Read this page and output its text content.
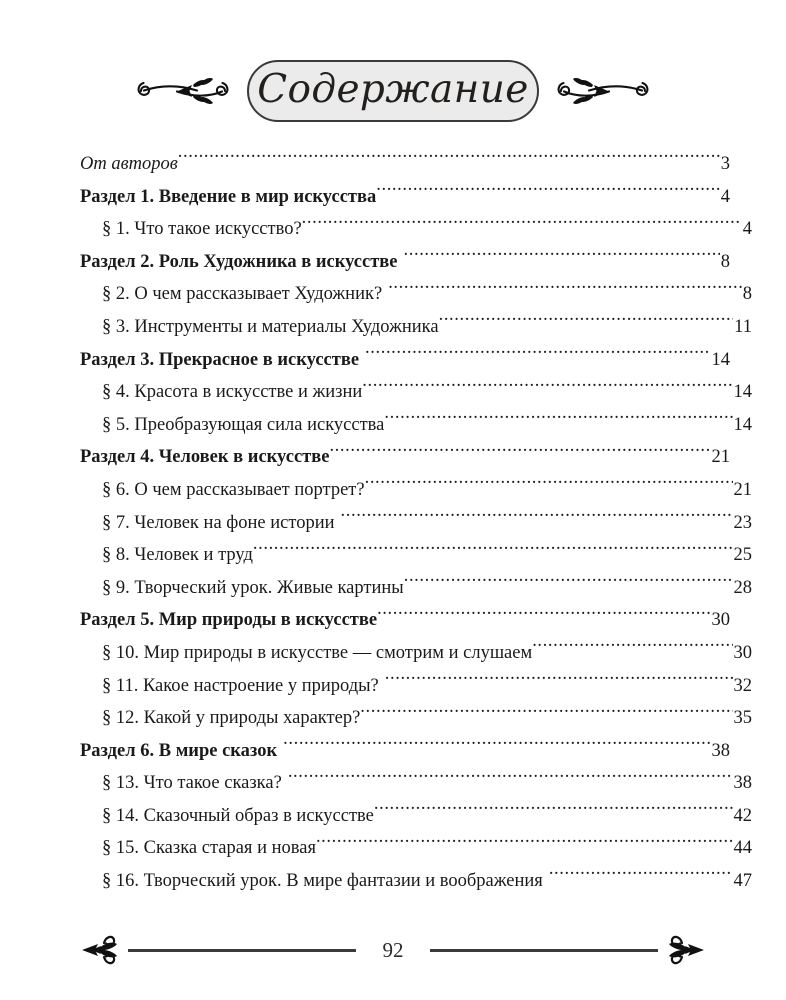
Содержание
От авторов .....	3
Раздел 1. Введение в мир искусства .....	4
§ 1. Что такое искусство? .....	4
Раздел 2. Роль Художника в искусстве .....	8
§ 2. О чем рассказывает Художник? .....	8
§ 3. Инструменты и материалы Художника .....	11
Раздел 3. Прекрасное в искусстве .....	14
§ 4. Красота в искусстве и жизни .....	14
§ 5. Преобразующая сила искусства .....	14
Раздел 4. Человек в искусстве .....	21
§ 6. О чем рассказывает портрет? .....	21
§ 7. Человек на фоне истории .....	23
§ 8. Человек и труд .....	25
§ 9. Творческий урок. Живые картины .....	28
Раздел 5. Мир природы в искусстве .....	30
§ 10. Мир природы в искусстве — смотрим и слушаем .....	30
§ 11. Какое настроение у природы? .....	32
§ 12. Какой у природы характер? .....	35
Раздел 6. В мире сказок .....	38
§ 13. Что такое сказка? .....	38
§ 14. Сказочный образ в искусстве .....	42
§ 15. Сказка старая и новая .....	44
§ 16. Творческий урок. В мире фантазии и воображения .....	47
92
